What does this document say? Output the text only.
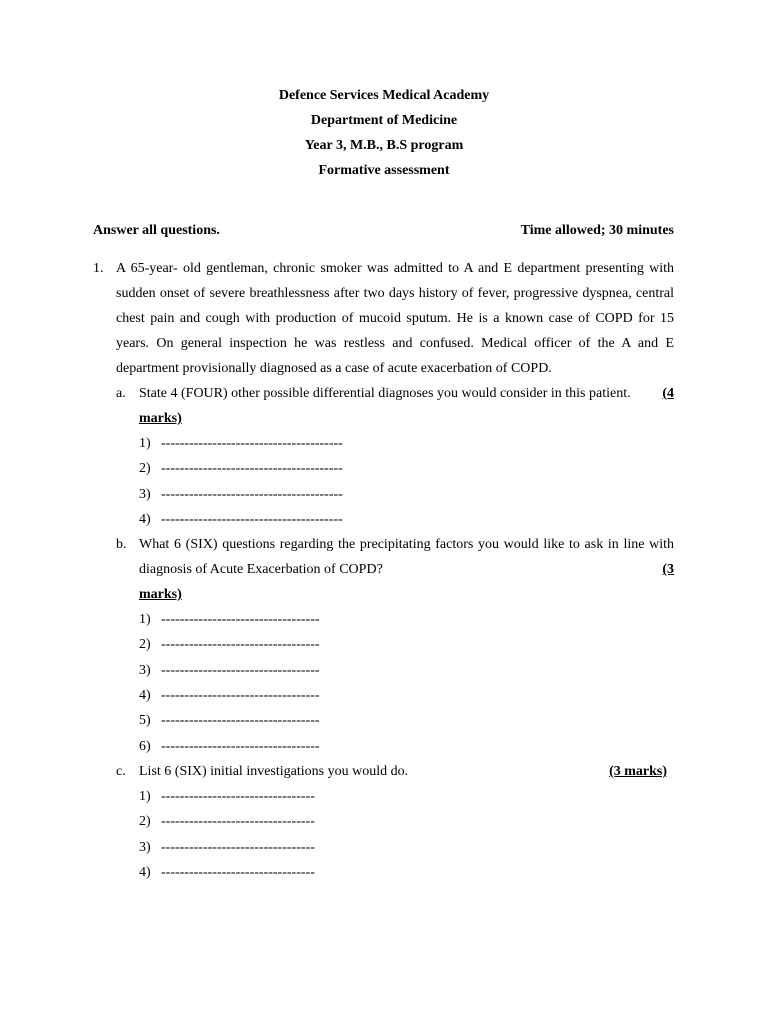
Defence Services Medical Academy
Department of Medicine
Year 3, M.B., B.S program
Formative assessment
Answer all questions.	Time allowed; 30 minutes
1. A 65-year- old gentleman, chronic smoker was admitted to A and E department presenting with sudden onset of severe breathlessness after two days history of fever, progressive dyspnea, central chest pain and cough with production of mucoid sputum. He is a known case of COPD for 15 years. On general inspection he was restless and confused. Medical officer of the A and E department provisionally diagnosed as a case of acute exacerbation of COPD.
a. State 4 (FOUR) other possible differential diagnoses you would consider in this patient. (4
marks)
1) ---------------------------------------
2) ---------------------------------------
3) ---------------------------------------
4) ---------------------------------------
b. What 6 (SIX) questions regarding the precipitating factors you would like to ask in line with diagnosis of Acute Exacerbation of COPD?	(3
marks)
1) ----------------------------------
2) ----------------------------------
3) ----------------------------------
4) ----------------------------------
5) ----------------------------------
6) ----------------------------------
c. List 6 (SIX) initial investigations you would do.	(3 marks)
1) ---------------------------------
2) ---------------------------------
3) ---------------------------------
4) ---------------------------------
